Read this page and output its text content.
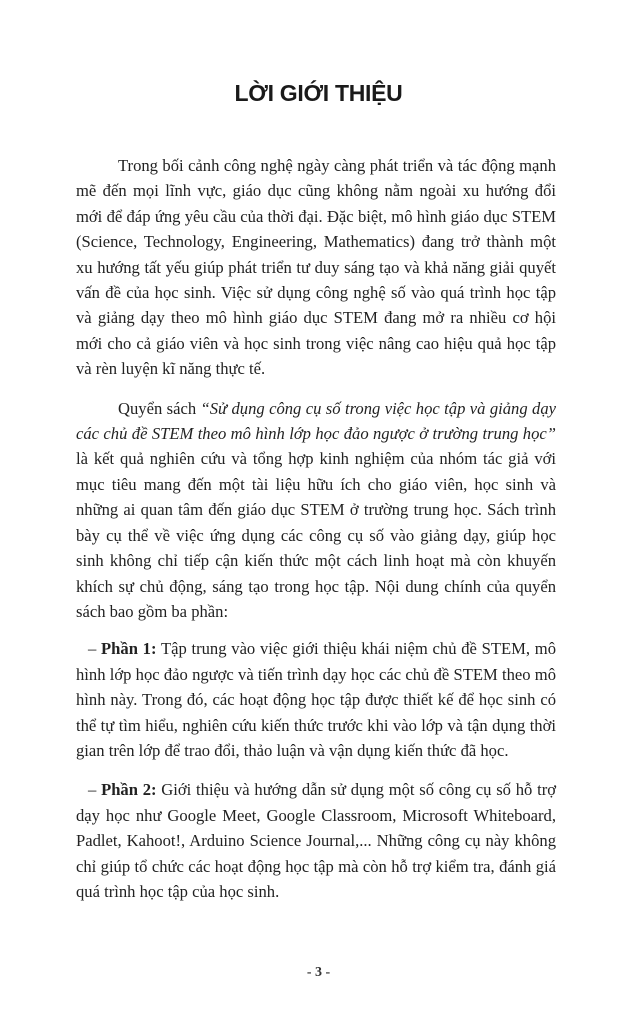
LỜI GIỚI THIỆU

Trong bối cảnh công nghệ ngày càng phát triển và tác động mạnh mẽ đến mọi lĩnh vực, giáo dục cũng không nằm ngoài xu hướng đổi mới để đáp ứng yêu cầu của thời đại. Đặc biệt, mô hình giáo dục STEM (Science, Technology, Engineering, Mathematics) đang trở thành một xu hướng tất yếu giúp phát triển tư duy sáng tạo và khả năng giải quyết vấn đề của học sinh. Việc sử dụng công nghệ số vào quá trình học tập và giảng dạy theo mô hình giáo dục STEM đang mở ra nhiều cơ hội mới cho cả giáo viên và học sinh trong việc nâng cao hiệu quả học tập và rèn luyện kĩ năng thực tế.

Quyển sách “Sử dụng công cụ số trong việc học tập và giảng dạy các chủ đề STEM theo mô hình lớp học đảo ngược ở trường trung học” là kết quả nghiên cứu và tổng hợp kinh nghiệm của nhóm tác giả với mục tiêu mang đến một tài liệu hữu ích cho giáo viên, học sinh và những ai quan tâm đến giáo dục STEM ở trường trung học. Sách trình bày cụ thể về việc ứng dụng các công cụ số vào giảng dạy, giúp học sinh không chỉ tiếp cận kiến thức một cách linh hoạt mà còn khuyến khích sự chủ động, sáng tạo trong học tập. Nội dung chính của quyển sách bao gồm ba phần:

– Phần 1: Tập trung vào việc giới thiệu khái niệm chủ đề STEM, mô hình lớp học đảo ngược và tiến trình dạy học các chủ đề STEM theo mô hình này. Trong đó, các hoạt động học tập được thiết kế để học sinh có thể tự tìm hiểu, nghiên cứu kiến thức trước khi vào lớp và tận dụng thời gian trên lớp để trao đổi, thảo luận và vận dụng kiến thức đã học.

– Phần 2: Giới thiệu và hướng dẫn sử dụng một số công cụ số hỗ trợ dạy học như Google Meet, Google Classroom, Microsoft Whiteboard, Padlet, Kahoot!, Arduino Science Journal,... Những công cụ này không chỉ giúp tổ chức các hoạt động học tập mà còn hỗ trợ kiểm tra, đánh giá quá trình học tập của học sinh.

- 3 -
